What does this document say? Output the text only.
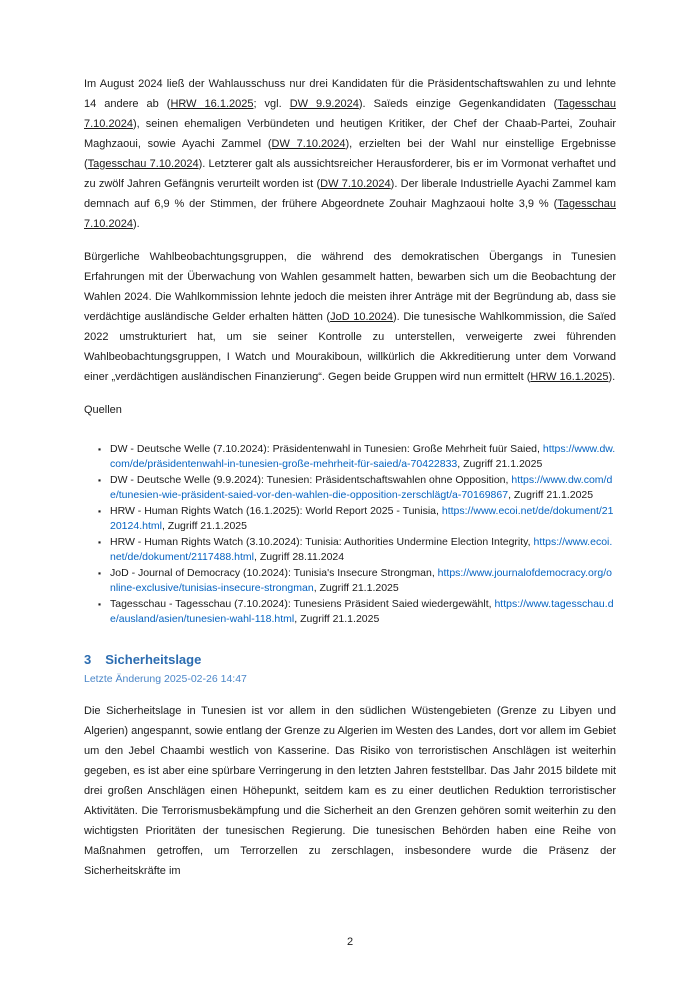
Im August 2024 ließ der Wahlausschuss nur drei Kandidaten für die Präsidentschaftswahlen zu und lehnte 14 andere ab (HRW 16.1.2025; vgl. DW 9.9.2024). Saïeds einzige Gegenkandidaten (Tagesschau 7.10.2024), seinen ehemaligen Verbündeten und heutigen Kritiker, der Chef der Chaab-Partei, Zouhair Maghzaoui, sowie Ayachi Zammel (DW 7.10.2024), erzielten bei der Wahl nur einstellige Ergebnisse (Tagesschau 7.10.2024). Letzterer galt als aussichtsreicher Herausforderer, bis er im Vormonat verhaftet und zu zwölf Jahren Gefängnis verurteilt worden ist (DW 7.10.2024). Der liberale Industrielle Ayachi Zammel kam demnach auf 6,9 % der Stimmen, der frühere Abgeordnete Zouhair Maghzaoui holte 3,9 % (Tagesschau 7.10.2024).

Bürgerliche Wahlbeobachtungsgruppen, die während des demokratischen Übergangs in Tunesien Erfahrungen mit der Überwachung von Wahlen gesammelt hatten, bewarben sich um die Beobachtung der Wahlen 2024. Die Wahlkommission lehnte jedoch die meisten ihrer Anträge mit der Begründung ab, dass sie verdächtige ausländische Gelder erhalten hätten (JoD 10.2024). Die tunesische Wahlkommission, die Saïed 2022 umstrukturiert hat, um sie seiner Kontrolle zu unterstellen, verweigerte zwei führenden Wahlbeobachtungsgruppen, I Watch und Mourakiboun, willkürlich die Akkreditierung unter dem Vorwand einer „verdächtigen ausländischen Finanzierung“. Gegen beide Gruppen wird nun ermittelt (HRW 16.1.2025).

Quellen

▪ DW - Deutsche Welle (7.10.2024): Präsidentenwahl in Tunesien: Große Mehrheit fuür Saied, https://www.dw.com/de/präsidentenwahl-in-tunesien-große-mehrheit-für-saied/a-70422833, Zugriff 21.1.2025
▪ DW - Deutsche Welle (9.9.2024): Tunesien: Präsidentschaftswahlen ohne Opposition, https://www.dw.com/de/tunesien-wie-präsident-saied-vor-den-wahlen-die-opposition-zerschlägt/a-70169867, Zugriff 21.1.2025
▪ HRW - Human Rights Watch (16.1.2025): World Report 2025 - Tunisia, https://www.ecoi.net/de/dokument/2120124.html, Zugriff 21.1.2025
▪ HRW - Human Rights Watch (3.10.2024): Tunisia: Authorities Undermine Election Integrity, https://www.ecoi.net/de/dokument/2117488.html, Zugriff 28.11.2024
▪ JoD - Journal of Democracy (10.2024): Tunisia's Insecure Strongman, https://www.journalofdemocracy.org/online-exclusive/tunisias-insecure-strongman, Zugriff 21.1.2025
▪ Tagesschau - Tagesschau (7.10.2024): Tunesiens Präsident Saied wiedergewählt, https://www.tagesschau.de/ausland/asien/tunesien-wahl-118.html, Zugriff 21.1.2025
3 Sicherheitslage

Letzte Änderung 2025-02-26 14:47

Die Sicherheitslage in Tunesien ist vor allem in den südlichen Wüstengebieten (Grenze zu Libyen und Algerien) angespannt, sowie entlang der Grenze zu Algerien im Westen des Landes, dort vor allem im Gebiet um den Jebel Chaambi westlich von Kasserine. Das Risiko von terroristischen Anschlägen ist weiterhin gegeben, es ist aber eine spürbare Verringerung in den letzten Jahren feststellbar. Das Jahr 2015 bildete mit drei großen Anschlägen einen Höhepunkt, seitdem kam es zu einer deutlichen Reduktion terroristischer Aktivitäten. Die Terrorismusbekämpfung und die Sicherheit an den Grenzen gehören somit weiterhin zu den wichtigsten Prioritäten der tunesischen Regierung. Die tunesischen Behörden haben eine Reihe von Maßnahmen getroffen, um Terrorzellen zu zerschlagen, insbesondere wurde die Präsenz der Sicherheitskräfte im

2
